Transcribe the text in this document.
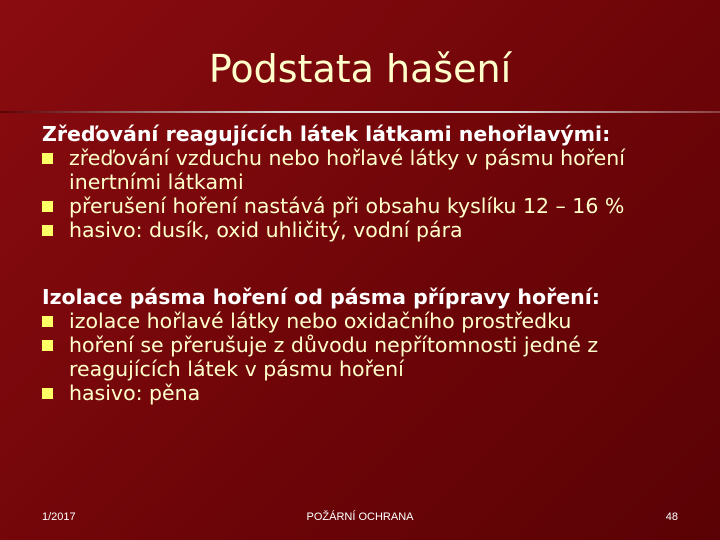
Podstata hašení

Zřeďování reagujících látek látkami nehořlavými:

zřeďování vzduchu nebo hořlavé látky v pásmu hoření inertními látkami
přerušení hoření nastává při obsahu kyslíku 12 – 16 %
hasivo: dusík, oxid uhličitý, vodní pára

Izolace pásma hoření od pásma přípravy hoření:

izolace hořlavé látky nebo oxidačního prostředku
hoření se přerušuje z důvodu nepřítomnosti jedné z reagujících látek v pásmu hoření
hasivo: pěna
1/2017	POŽÁRNÍ OCHRANA	48
